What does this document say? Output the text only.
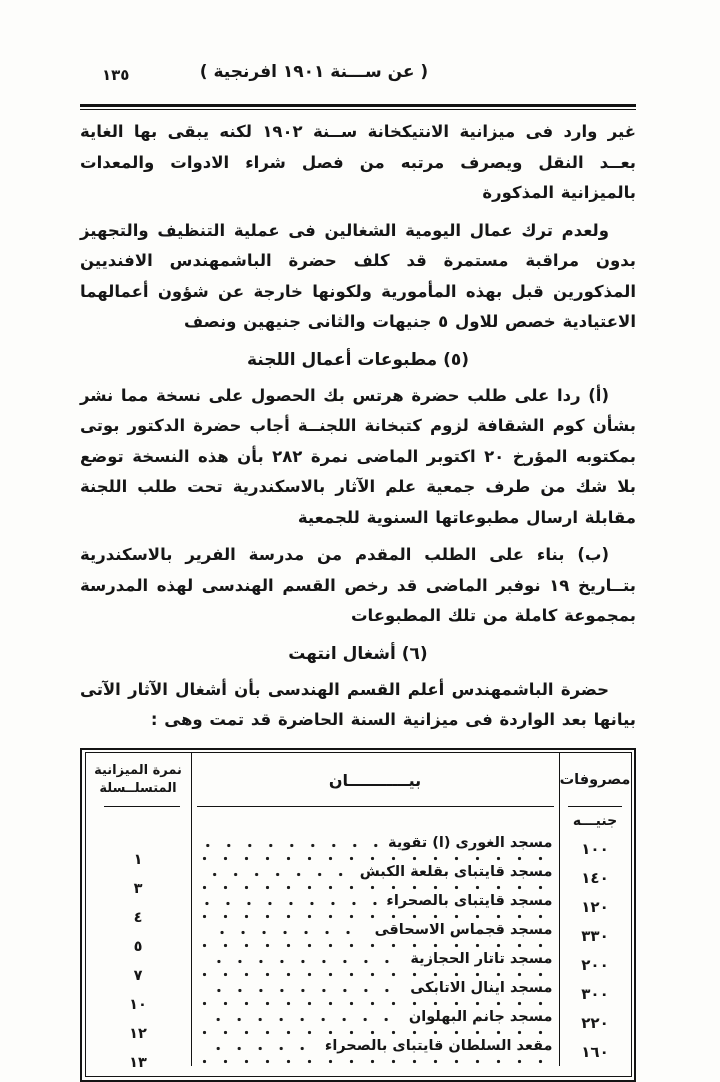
١٣٥	( عن ســـنة ١٩٠١ افرنجية )

غير وارد فى ميزانية الانتيكخانة ســنة ١٩٠٢ لكنه يبقى بها الغاية بعــد النقل ويصرف مرتبه من فصل شراء الادوات والمعدات بالميزانية المذكورة

ولعدم ترك عمال اليومية الشغالين فى عملية التنظيف والتجهيز بدون مراقبة مستمرة قد كلف حضرة الباشمهندس الافنديين المذكورين قبل بهذه المأمورية ولكونها خارجة عن شؤون أعمالهما الاعتيادية خصص للاول ٥ جنيهات والثانى جنيهين ونصف

(٥) مطبوعات أعمال اللجنة

(أ) ردا على طلب حضرة هرتس بك الحصول على نسخة مما نشر بشأن كوم الشقافة لزوم كتبخانة اللجنــة أجاب حضرة الدكتور بوتى بمكتوبه المؤرخ ٢٠ اكتوبر الماضى نمرة ٢٨٢ بأن هذه النسخة توضع بلا شك من طرف جمعية علم الآثار بالاسكندرية تحت طلب اللجنة مقابلة ارسال مطبوعاتها السنوية للجمعية

(ب) بناء على الطلب المقدم من مدرسة الفرير بالاسكندرية بتــاريخ ١٩ نوفبر الماضى قد رخص القسم الهندسى لهذه المدرسة بمجموعة كاملة من تلك المطبوعات

(٦) أشغال انتهت

حضرة الباشمهندس أعلم القسم الهندسى بأن أشغال الآثار الآتى بيانها بعد الواردة فى ميزانية السنة الحاضرة قد تمت وهى :

مصروفات
جنيـــه
١٠٠
١٤٠
١٢٠
٣٣٠
٢٠٠
٣٠٠
٢٢٠
١٦٠
بيـــــــــــان
مسجد الغورى (ا) تقوية
مسجد قايتباى بقلعة الكبش
مسجد قايتباى بالصحراء
مسجد قجماس الاسحاقى
مسجد تاتار الحجازية
مسجد اينال الاتابكى
مسجد جانم البهلوان
مقعد السلطان قايتباى بالصحراء
نمرة الميزانية
المتسلــسلة
١
٣
٤
٥
٧
١٠
١٢
١٣
